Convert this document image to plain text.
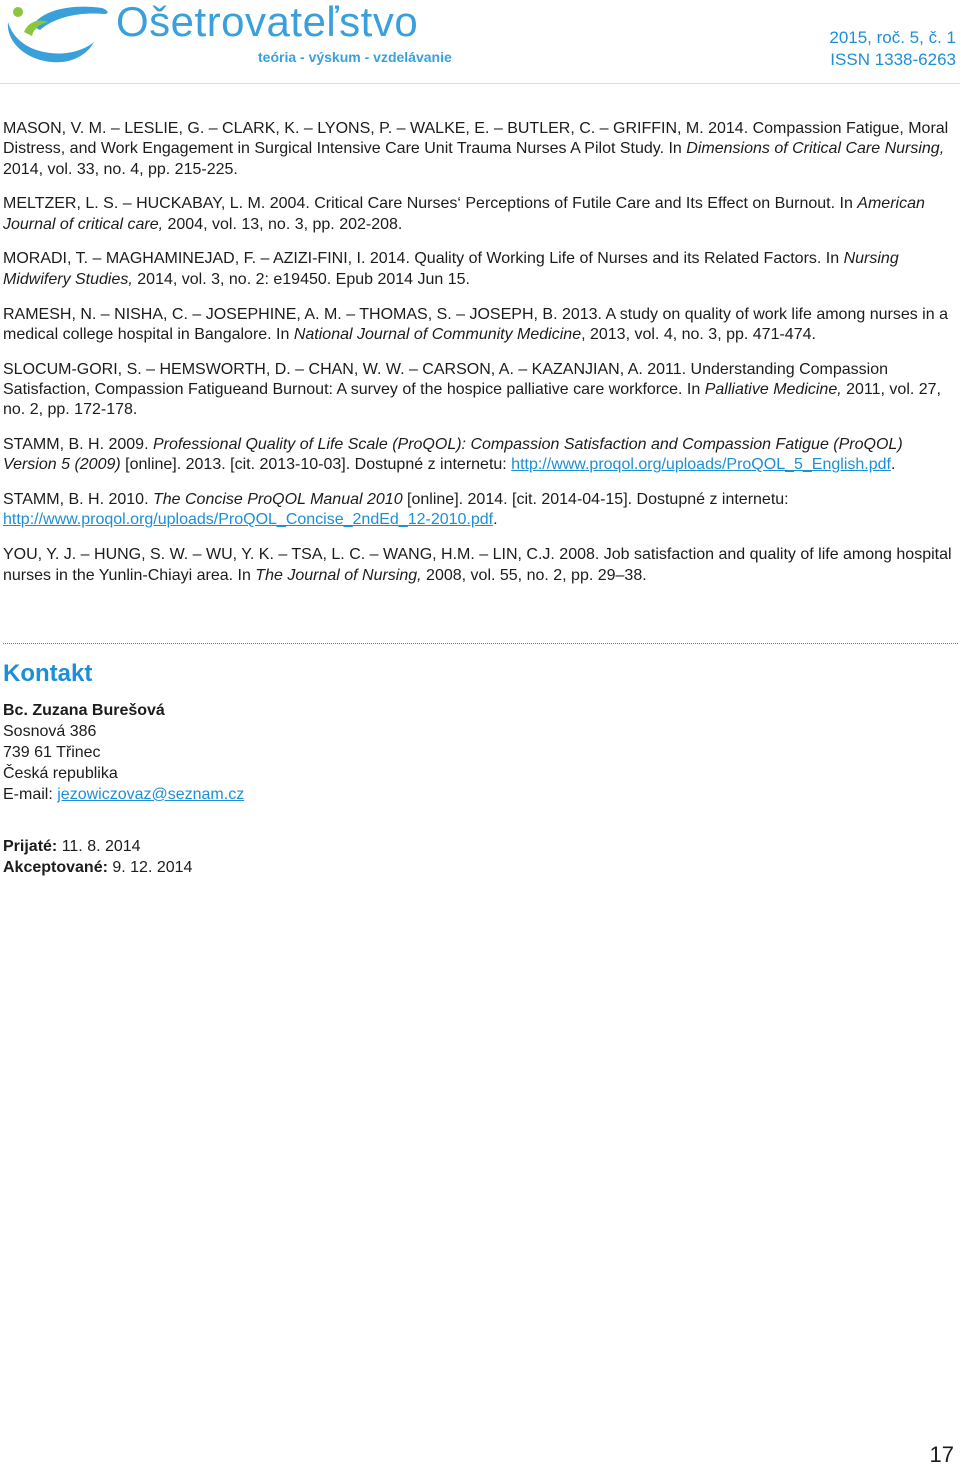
Ošetrovateľstvo
teória - výskum - vzdelávanie
2015, roč. 5, č. 1
ISSN 1338-6263

MASON, V. M. – LESLIE, G. – CLARK, K. – LYONS, P. – WALKE, E. – BUTLER, C. – GRIFFIN, M. 2014. Compassion Fatigue, Moral Distress, and Work Engagement in Surgical Intensive Care Unit Trauma Nurses A Pilot Study. In Dimensions of Critical Care Nursing, 2014, vol. 33, no. 4, pp. 215-225.

MELTZER, L. S. – HUCKABAY, L. M. 2004. Critical Care Nurses‘ Perceptions of Futile Care and Its Effect on Burnout. In American Journal of critical care, 2004, vol. 13, no. 3, pp. 202-208.

MORADI, T. – MAGHAMINEJAD, F. – AZIZI-FINI, I. 2014. Quality of Working Life of Nurses and its Related Factors. In Nursing Midwifery Studies, 2014, vol. 3, no. 2: e19450. Epub 2014 Jun 15.

RAMESH, N. – NISHA, C. – JOSEPHINE, A. M. – THOMAS, S. – JOSEPH, B. 2013. A study on quality of work life among nurses in a medical college hospital in Bangalore. In National Journal of Community Medicine, 2013, vol. 4, no. 3, pp. 471-474.

SLOCUM-GORI, S. – HEMSWORTH, D. – CHAN, W. W. – CARSON, A. – KAZANJIAN, A. 2011. Understanding Compassion Satisfaction, Compassion Fatigueand Burnout: A survey of the hospice palliative care workforce. In Palliative Medicine, 2011, vol. 27, no. 2, pp. 172-178.

STAMM, B. H. 2009. Professional Quality of Life Scale (ProQOL): Compassion Satisfaction and Compassion Fatigue (ProQOL) Version 5 (2009) [online]. 2013. [cit. 2013-10-03]. Dostupné z internetu: http://www.proqol.org/uploads/ProQOL_5_English.pdf.

STAMM, B. H. 2010. The Concise ProQOL Manual 2010 [online]. 2014. [cit. 2014-04-15]. Dostupné z internetu: http://www.proqol.org/uploads/ProQOL_Concise_2ndEd_12-2010.pdf.

YOU, Y. J. – HUNG, S. W. – WU, Y. K. – TSA, L. C. – WANG, H.M. – LIN, C.J. 2008. Job satisfaction and quality of life among hospital nurses in the Yunlin-Chiayi area. In The Journal of Nursing, 2008, vol. 55, no. 2, pp. 29–38.

Kontakt
Bc. Zuzana Burešová
Sosnová 386
739 61 Třinec
Česká republika
E-mail: jezowiczovaz@seznam.cz
Prijaté: 11. 8. 2014
Akceptované: 9. 12. 2014
17
